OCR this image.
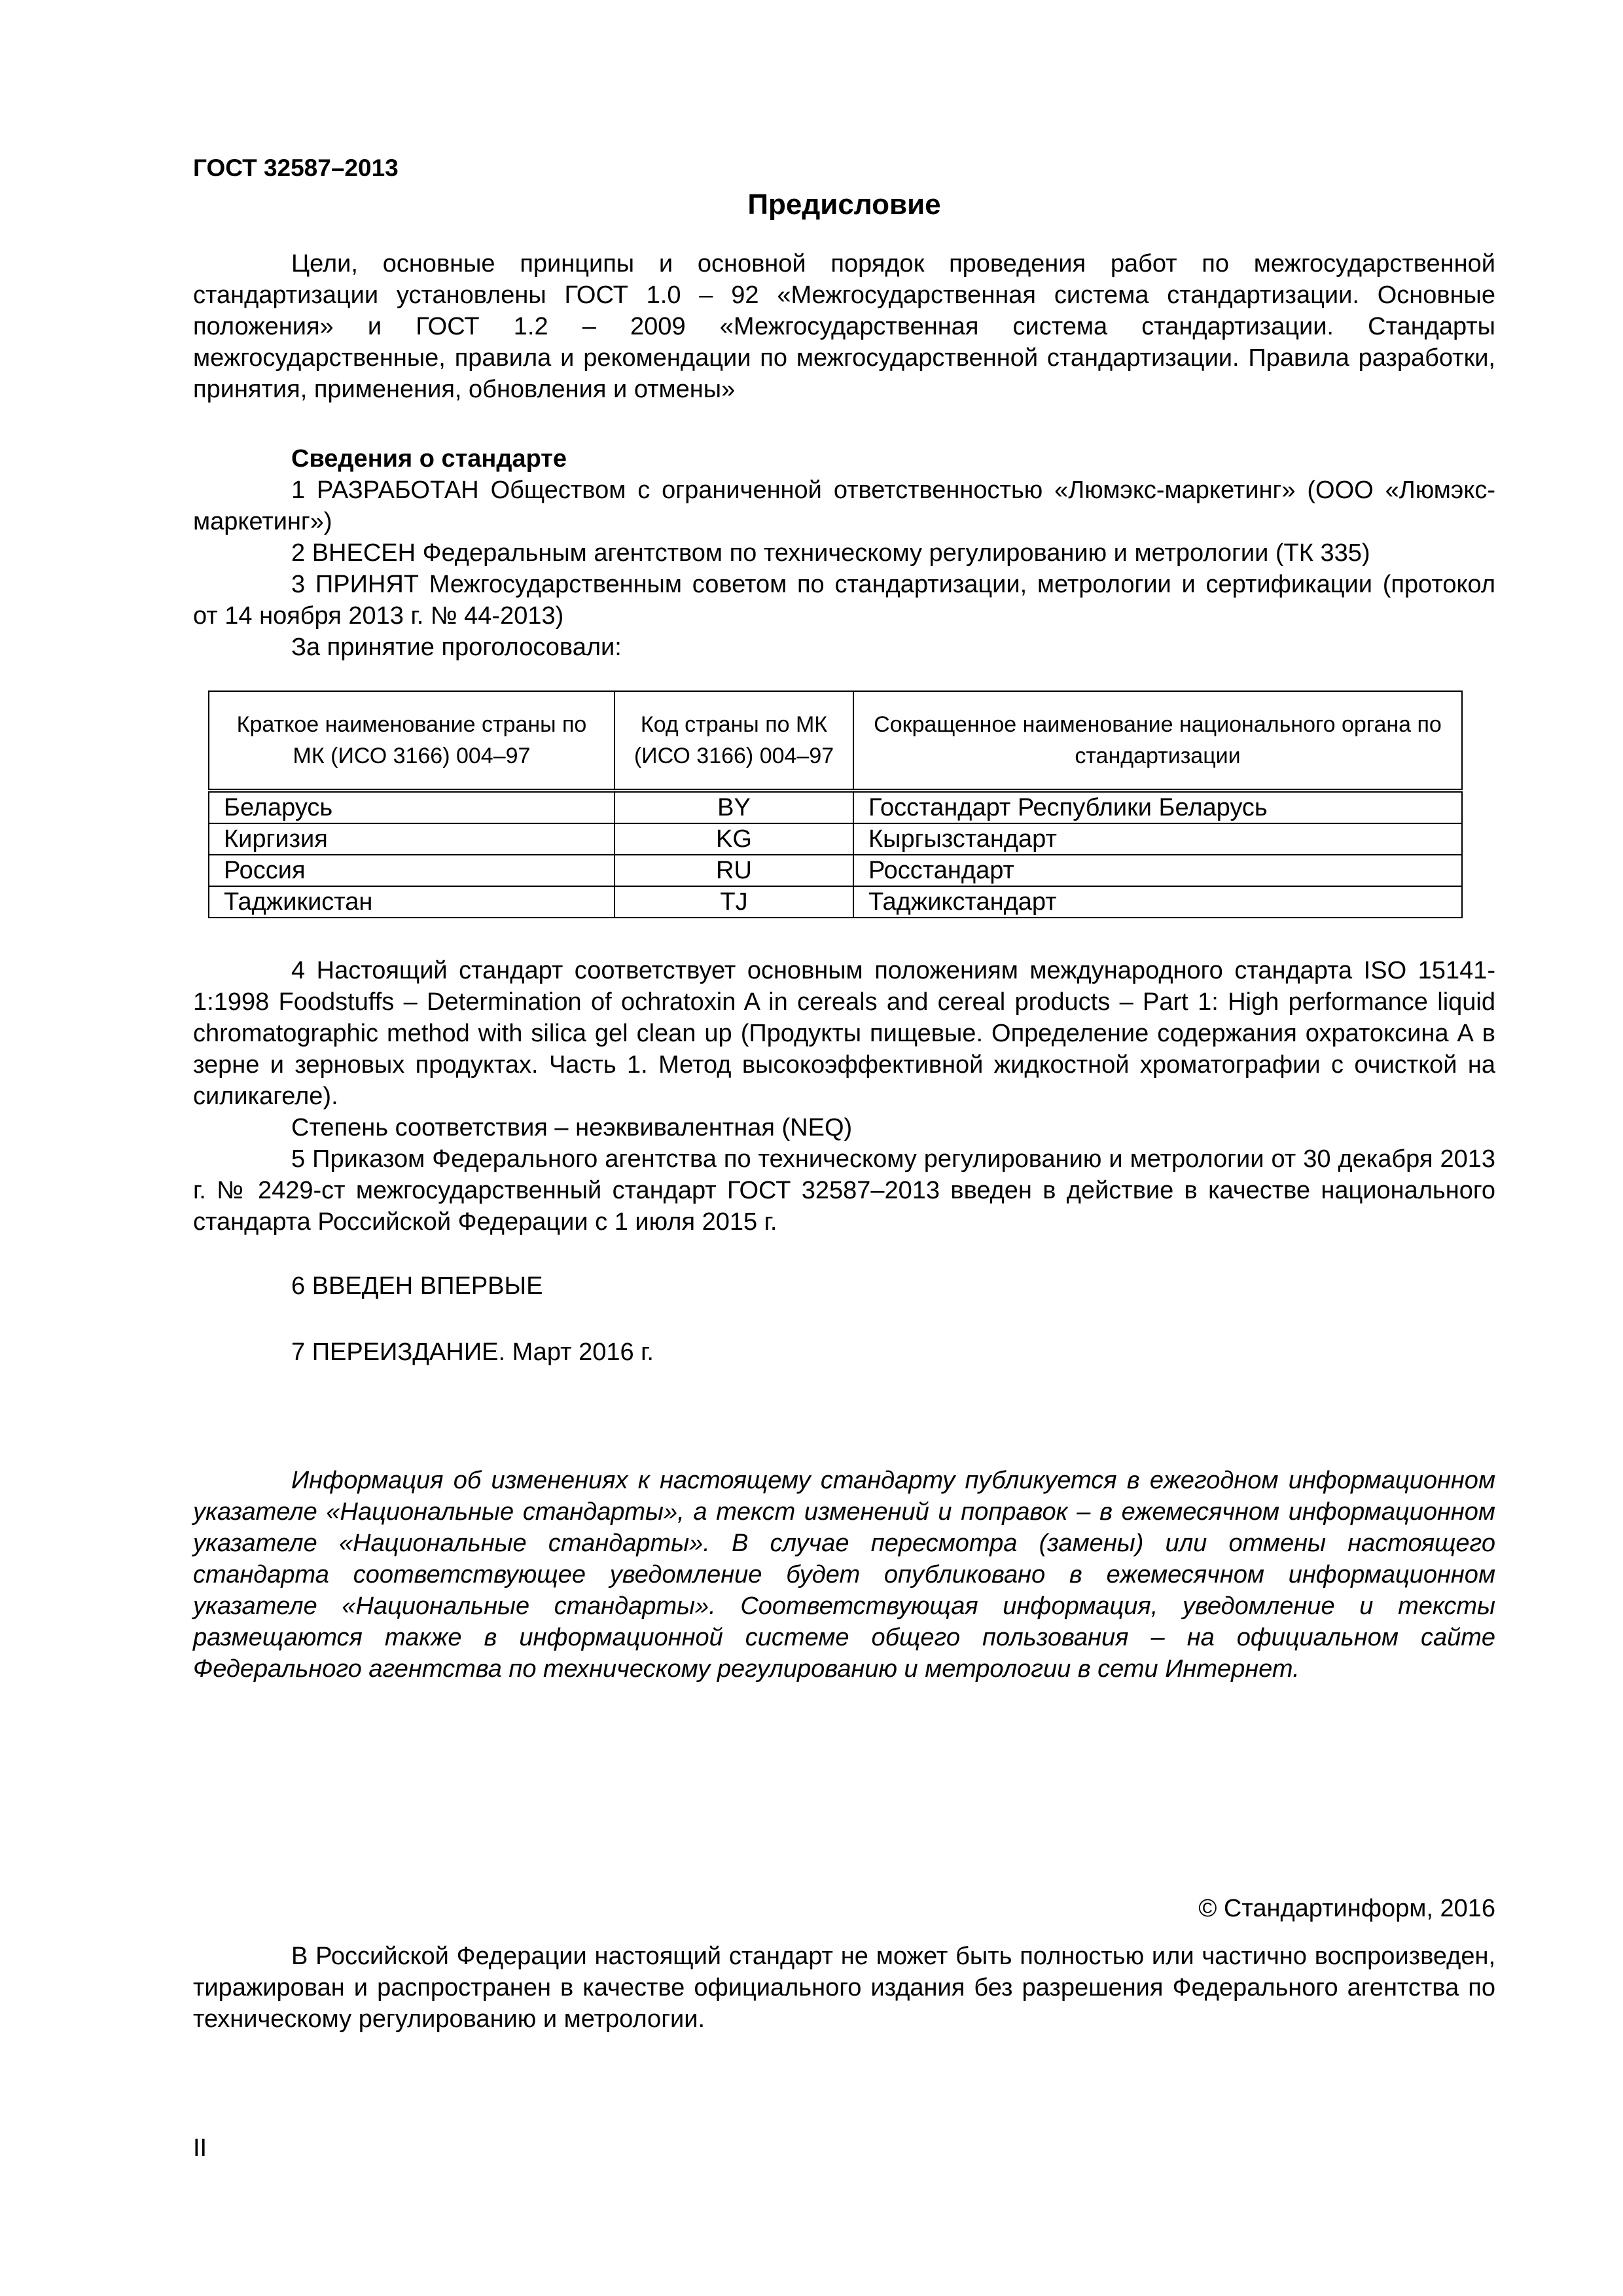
ГОСТ 32587–2013
Предисловие

Цели, основные принципы и основной порядок проведения работ по межгосударственной стандартизации установлены ГОСТ 1.0 – 92 «Межгосударственная система стандартизации. Основные положения» и ГОСТ 1.2 – 2009 «Межгосударственная система стандартизации. Стандарты межгосударственные, правила и рекомендации по межгосударственной стандартизации. Правила разработки, принятия, применения, обновления и отмены»

Сведения о стандарте

1 РАЗРАБОТАН Обществом с ограниченной ответственностью «Люмэкс-маркетинг» (ООО «Люмэкс-маркетинг»)

2 ВНЕСЕН Федеральным агентством по техническому регулированию и метрологии (ТК 335)

3 ПРИНЯТ Межгосударственным советом по стандартизации, метрологии и сертификации (протокол от 14 ноября 2013 г. № 44-2013)

За принятие проголосовали:
Краткое наименование страны по МК (ИСО 3166) 004–97	Код страны по МК (ИСО 3166) 004–97	Сокращенное наименование национального органа по стандартизации
Беларусь	BY	Госстандарт Республики Беларусь
Киргизия	KG	Кыргызстандарт
Россия	RU	Росстандарт
Таджикистан	TJ	Таджикстандарт

4 Настоящий стандарт соответствует основным положениям международного стандарта ISO 15141-1:1998 Foodstuffs – Determination of ochratoxin A in cereals and cereal products – Part 1: High performance liquid chromatographic method with silica gel clean up (Продукты пищевые. Определение содержания охратоксина А в зерне и зерновых продуктах. Часть 1. Метод высокоэффективной жидкостной хроматографии с очисткой на силикагеле).

Степень соответствия – неэквивалентная (NEQ)

5 Приказом Федерального агентства по техническому регулированию и метрологии от 30 декабря 2013 г. № 2429-ст межгосударственный стандарт ГОСТ 32587–2013 введен в действие в качестве национального стандарта Российской Федерации с 1 июля 2015 г.

6 ВВЕДЕН ВПЕРВЫЕ
7 ПЕРЕИЗДАНИЕ. Март 2016 г.

Информация об изменениях к настоящему стандарту публикуется в ежегодном информационном указателе «Национальные стандарты», а текст изменений и поправок – в ежемесячном информационном указателе «Национальные стандарты». В случае пересмотра (замены) или отмены настоящего стандарта соответствующее уведомление будет опубликовано в ежемесячном информационном указателе «Национальные стандарты». Соответствующая информация, уведомление и тексты размещаются также в информационной системе общего пользования – на официальном сайте Федерального агентства по техническому регулированию и метрологии в сети Интернет.

© Стандартинформ, 2016

В Российской Федерации настоящий стандарт не может быть полностью или частично воспроизведен, тиражирован и распространен в качестве официального издания без разрешения Федерального агентства по техническому регулированию и метрологии.

II
